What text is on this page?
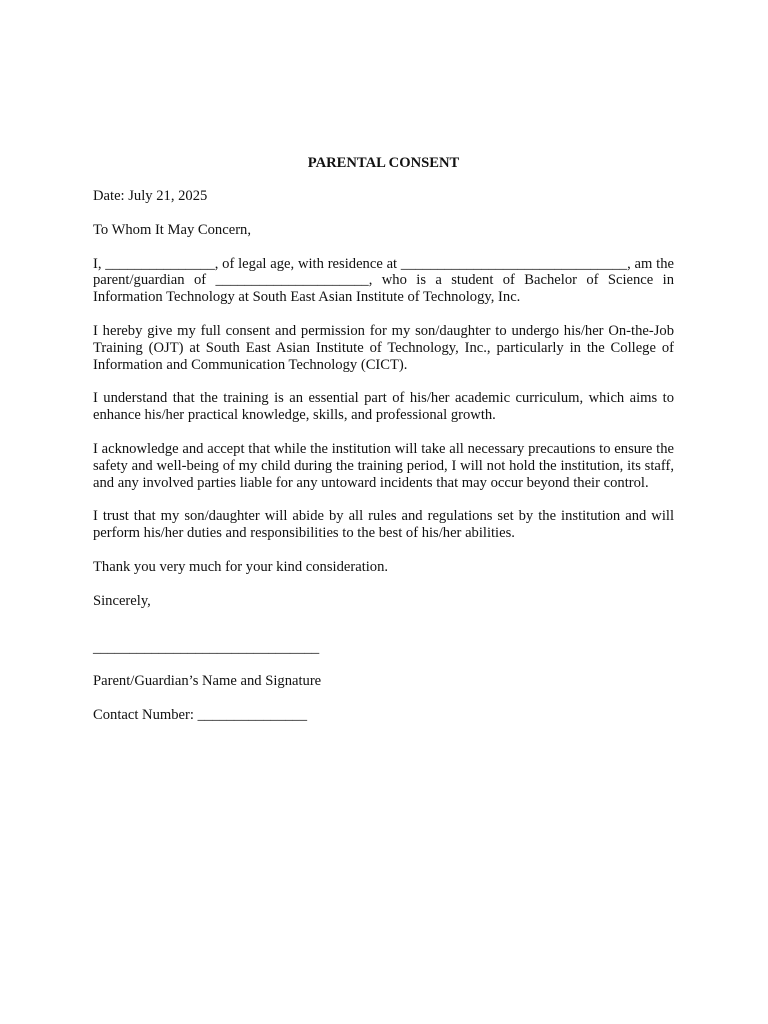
PARENTAL CONSENT
Date: July 21, 2025
To Whom It May Concern,
I, _______________, of legal age, with residence at _______________________________, am the parent/guardian of _____________________, who is a student of Bachelor of Science in Information Technology at South East Asian Institute of Technology, Inc.
I hereby give my full consent and permission for my son/daughter to undergo his/her On-the-Job Training (OJT) at South East Asian Institute of Technology, Inc., particularly in the College of Information and Communication Technology (CICT).
I understand that the training is an essential part of his/her academic curriculum, which aims to enhance his/her practical knowledge, skills, and professional growth.
I acknowledge and accept that while the institution will take all necessary precautions to ensure the safety and well-being of my child during the training period, I will not hold the institution, its staff, and any involved parties liable for any untoward incidents that may occur beyond their control.
I trust that my son/daughter will abide by all rules and regulations set by the institution and will perform his/her duties and responsibilities to the best of his/her abilities.
Thank you very much for your kind consideration.
Sincerely,
_______________________________
Parent/Guardian’s Name and Signature
Contact Number: _______________
